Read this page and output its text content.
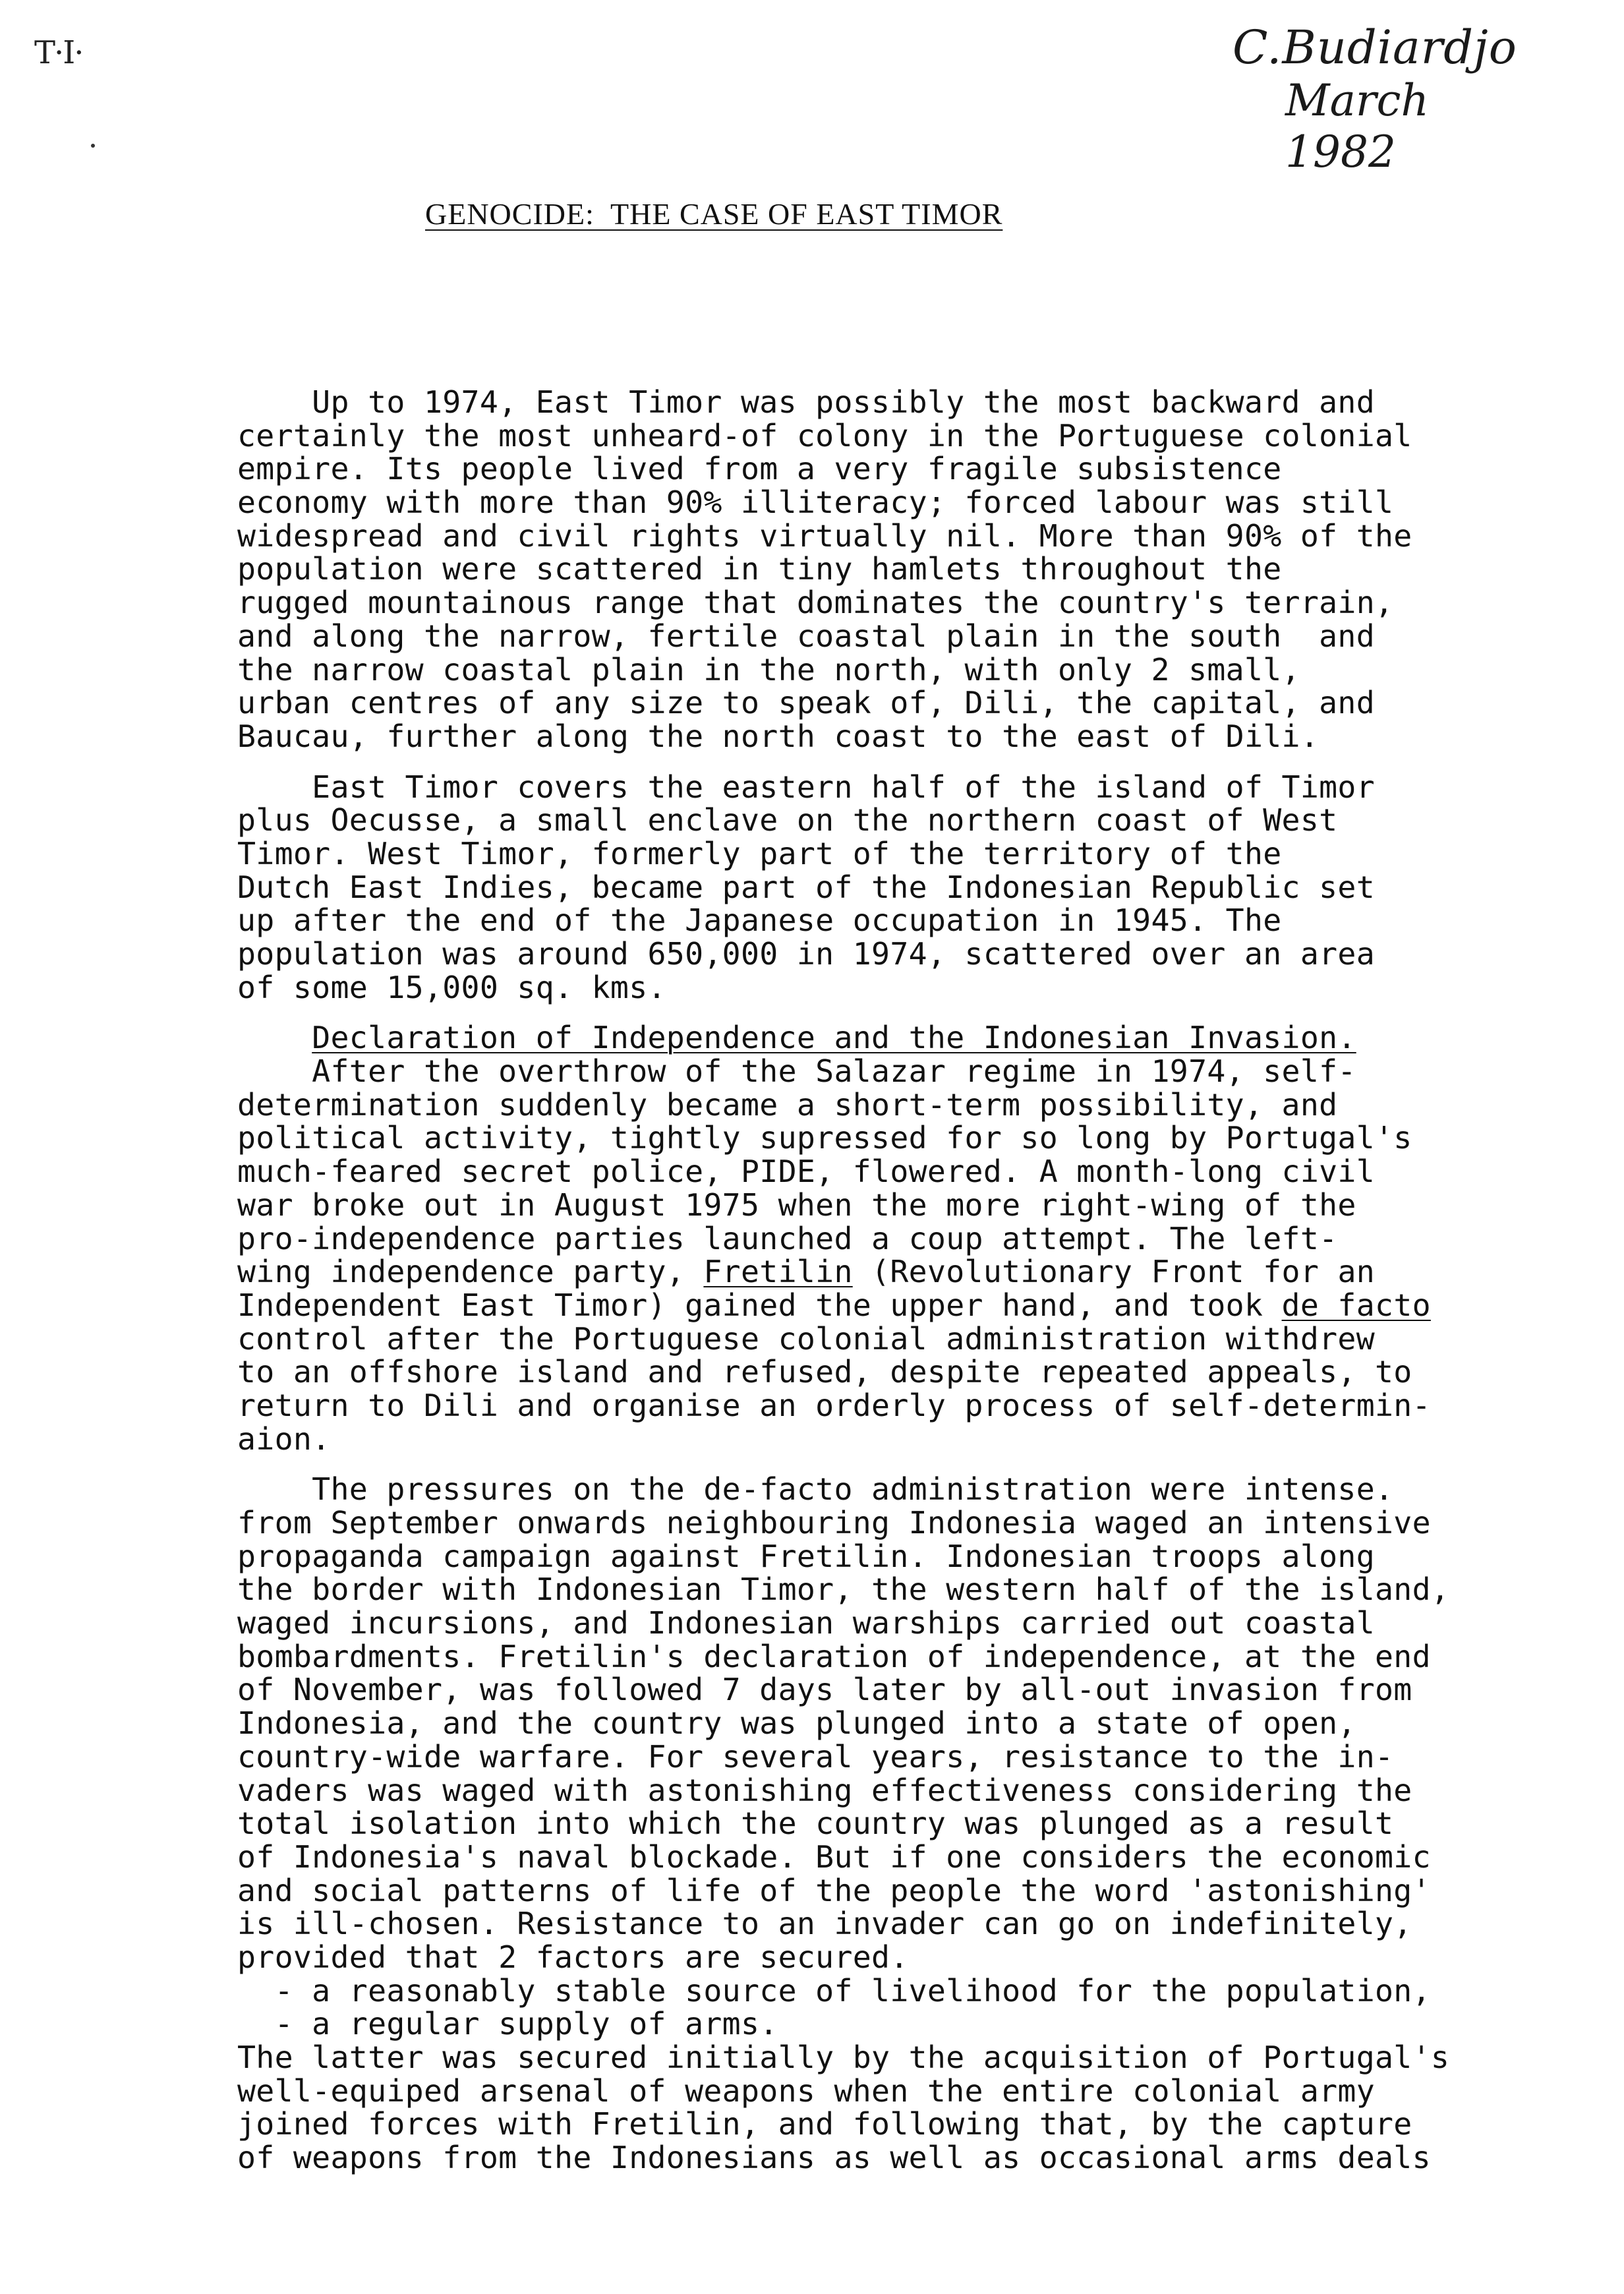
T·I·	C.Budiardjo
March 1982
GENOCIDE:  THE CASE OF EAST TIMOR
Up to 1974, East Timor was possibly the most backward and
certainly the most unheard-of colony in the Portuguese colonial
empire. Its people lived from a very fragile subsistence
economy with more than 90% illiteracy; forced labour was still
widespread and civil rights virtually nil. More than 90% of the
population were scattered in tiny hamlets throughout the
rugged mountainous range that dominates the country's terrain,
and along the narrow, fertile coastal plain in the south  and
the narrow coastal plain in the north, with only 2 small,
urban centres of any size to speak of, Dili, the capital, and
Baucau, further along the north coast to the east of Dili.
East Timor covers the eastern half of the island of Timor
plus Oecusse, a small enclave on the northern coast of West
Timor. West Timor, formerly part of the territory of the
Dutch East Indies, became part of the Indonesian Republic set
up after the end of the Japanese occupation in 1945. The
population was around 650,000 in 1974, scattered over an area
of some 15,000 sq. kms.
Declaration of Independence and the Indonesian Invasion.
After the overthrow of the Salazar regime in 1974, self-
determination suddenly became a short-term possibility, and
political activity, tightly supressed for so long by Portugal's
much-feared secret police, PIDE, flowered. A month-long civil
war broke out in August 1975 when the more right-wing of the
pro-independence parties launched a coup attempt. The left-
wing independence party, Fretilin (Revolutionary Front for an
Independent East Timor) gained the upper hand, and took de facto
control after the Portuguese colonial administration withdrew
to an offshore island and refused, despite repeated appeals, to
return to Dili and organise an orderly process of self-determin-
aion.
The pressures on the de-facto administration were intense.
from September onwards neighbouring Indonesia waged an intensive
propaganda campaign against Fretilin. Indonesian troops along
the border with Indonesian Timor, the western half of the island,
waged incursions, and Indonesian warships carried out coastal
bombardments. Fretilin's declaration of independence, at the end
of November, was followed 7 days later by all-out invasion from
Indonesia, and the country was plunged into a state of open,
country-wide warfare. For several years, resistance to the in-
vaders was waged with astonishing effectiveness considering the
total isolation into which the country was plunged as a result
of Indonesia's naval blockade. But if one considers the economic
and social patterns of life of the people the word 'astonishing'
is ill-chosen. Resistance to an invader can go on indefinitely,
provided that 2 factors are secured.
- a reasonably stable source of livelihood for the population,
- a regular supply of arms.
The latter was secured initially by the acquisition of Portugal's
well-equiped arsenal of weapons when the entire colonial army
joined forces with Fretilin, and following that, by the capture
of weapons from the Indonesians as well as occasional arms deals
